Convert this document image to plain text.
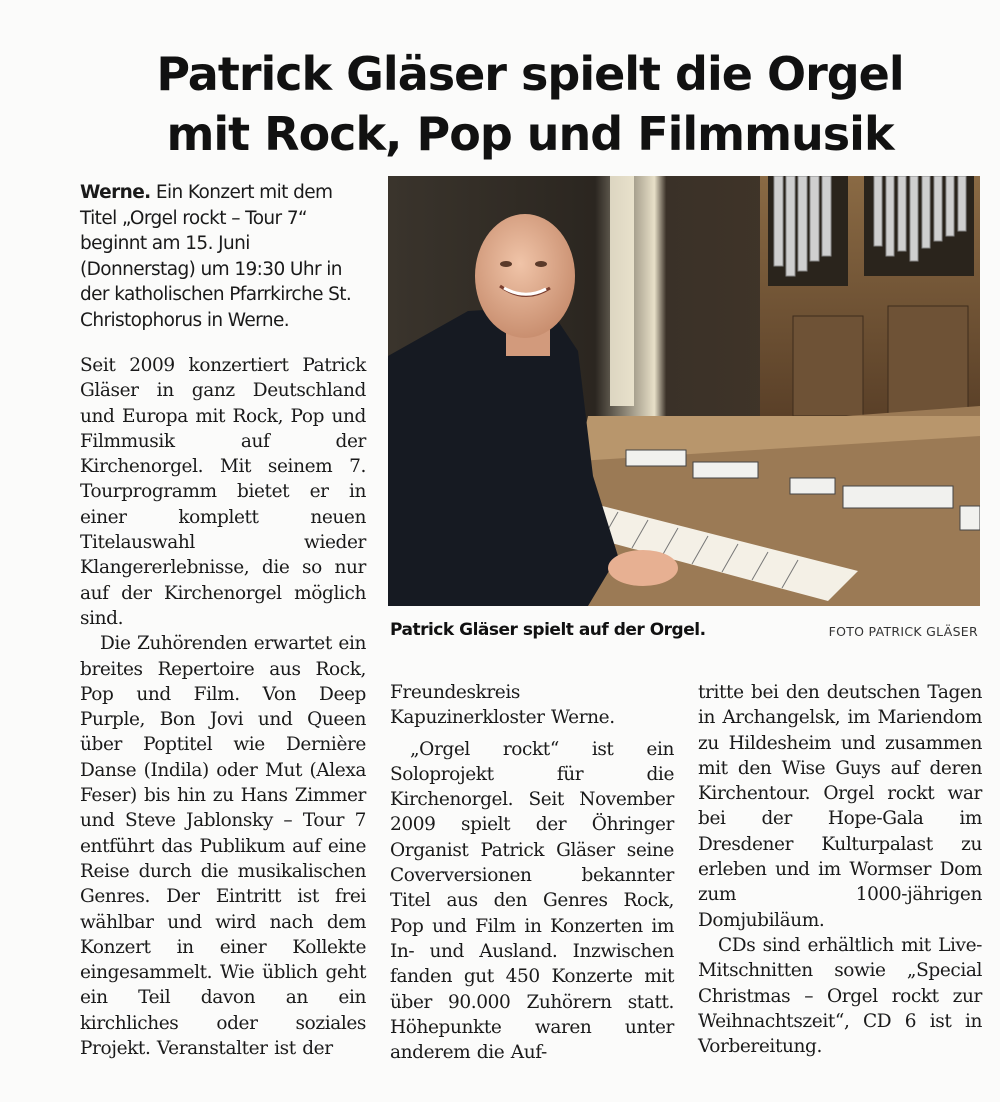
Patrick Gläser spielt die Orgel
mit Rock, Pop und Filmmusik
Werne. Ein Konzert mit dem Titel „Orgel rockt – Tour 7“ beginnt am 15. Juni (Donnerstag) um 19:30 Uhr in der katholischen Pfarrkirche St. Christophorus in Werne.

Seit 2009 konzertiert Patrick Gläser in ganz Deutschland und Europa mit Rock, Pop und Filmmusik auf der Kirchenorgel. Mit seinem 7. Tourprogramm bietet er in einer komplett neuen Titelauswahl wieder Klangererlebnisse, die so nur auf der Kirchenorgel möglich sind.

Die Zuhörenden erwartet ein breites Repertoire aus Rock, Pop und Film. Von Deep Purple, Bon Jovi und Queen über Poptitel wie Dernière Danse (Indila) oder Mut (Alexa Feser) bis hin zu Hans Zimmer und Steve Jablonsky – Tour 7 entführt das Publikum auf eine Reise durch die musikalischen Genres. Der Eintritt ist frei wählbar und wird nach dem Konzert in einer Kollekte eingesammelt. Wie üblich geht ein Teil davon an ein kirchliches oder soziales Projekt. Veranstalter ist der

Freundeskreis Kapuzinerkloster Werne.

„Orgel rockt“ ist ein Soloprojekt für die Kirchenorgel. Seit November 2009 spielt der Öhringer Organist Patrick Gläser seine Coverversionen bekannter Titel aus den Genres Rock, Pop und Film in Konzerten im In- und Ausland. Inzwischen fanden gut 450 Konzerte mit über 90.000 Zuhörern statt. Höhepunkte waren unter anderem die Auf-

tritte bei den deutschen Tagen in Archangelsk, im Mariendom zu Hildesheim und zusammen mit den Wise Guys auf deren Kirchentour. Orgel rockt war bei der Hope-Gala im Dresdener Kulturpalast zu erleben und im Wormser Dom zum 1000-jährigen Domjubiläum.

CDs sind erhältlich mit Live-Mitschnitten sowie „Special Christmas – Orgel rockt zur Weihnachtszeit“, CD 6 ist in Vorbereitung.

Patrick Gläser spielt auf der Orgel.	FOTO PATRICK GLÄSER
